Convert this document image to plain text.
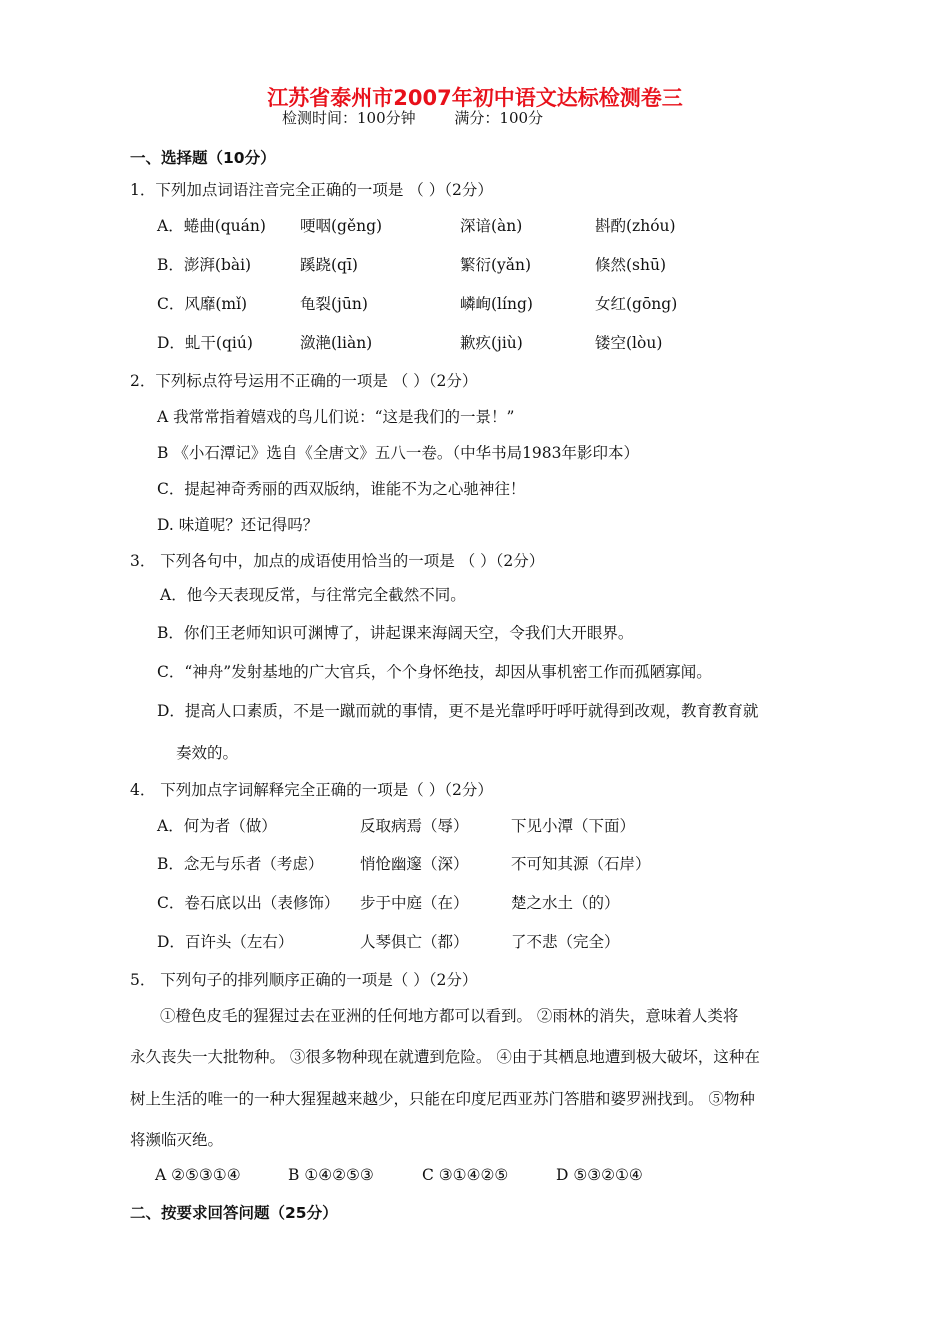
江苏省泰州市2007年初中语文达标检测卷三
检测时间：100分钟	满分：100分
一、选择题（10分）
1．下列加点词语注音完全正确的一项是 （ ）（2分）
A．蜷曲(quán) 哽咽(gěng)	深谙(àn)	斟酌(zhóu)
B．澎湃(bài)	蹊跷(qī)	繁衍(yǎn)	倏然(shū)
C．风靡(mǐ)	龟裂(jūn)	嶙峋(líng)	女红(gōng)
D．虬干(qiú)	潋滟(liàn)	歉疚(jiù)	镂空(lòu)
2．下列标点符号运用不正确的一项是 （ ）（2分）
A 我常常指着嬉戏的鸟儿们说：“这是我们的一景！”
B 《小石潭记》选自《全唐文》五八一卷。（中华书局1983年影印本）
C．提起神奇秀丽的西双版纳，谁能不为之心驰神往！
D. 味道呢？还记得吗？
3． 下列各句中，加点的成语使用恰当的一项是 （ ）（2分）
A．他今天表现反常，与往常完全截然不同。
B．你们王老师知识可渊博了，讲起课来海阔天空，令我们大开眼界。
C．“神舟”发射基地的广大官兵，个个身怀绝技，却因从事机密工作而孤陋寡闻。
D．提高人口素质，不是一蹴而就的事情，更不是光靠呼吁呼吁就得到改观，教育教育就
奏效的。
4． 下列加点字词解释完全正确的一项是（ ）（2分）
A．何为者（做）	反取病焉（辱）	下见小潭（下面）
B．念无与乐者（考虑） 悄怆幽邃（深）	不可知其源（石岸）
C．卷石底以出（表修饰） 步于中庭（在）	楚之水土（的）
D．百许头（左右）	人琴俱亡（都）	了不悲（完全）
5． 下列句子的排列顺序正确的一项是（ ）（2分）
①橙色皮毛的猩猩过去在亚洲的任何地方都可以看到。 ②雨林的消失，意味着人类将
永久丧失一大批物种。 ③很多物种现在就遭到危险。 ④由于其栖息地遭到极大破坏，这种在
树上生活的唯一的一种大猩猩越来越少，只能在印度尼西亚苏门答腊和婆罗洲找到。 ⑤物种
将濒临灭绝。
A ②⑤③①④	B ①④②⑤③	C ③①④②⑤	D ⑤③②①④
二、按要求回答问题（25分）
